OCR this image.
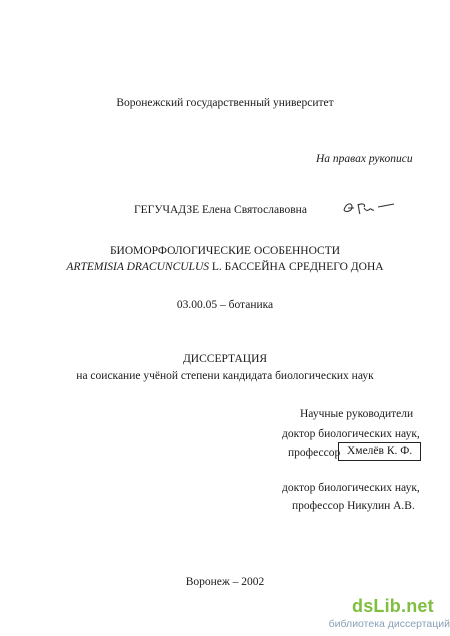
Воронежский государственный университет
На правах рукописи
ГЕГУЧАДЗЕ Елена Святославовна
БИОМОРФОЛОГИЧЕСКИЕ ОСОБЕННОСТИ
ARTEMISIA DRACUNCULUS L. БАССЕЙНА СРЕДНЕГО ДОНА
03.00.05 – ботаника
ДИССЕРТАЦИЯ
на соискание учёной степени кандидата биологических наук
Научные руководители
доктор биологических наук,
профессор Хмелёв К. Ф.
доктор биологических наук,
профессор Никулин А.В.
Воронеж – 2002
dsLib.net
библиотека диссертаций
